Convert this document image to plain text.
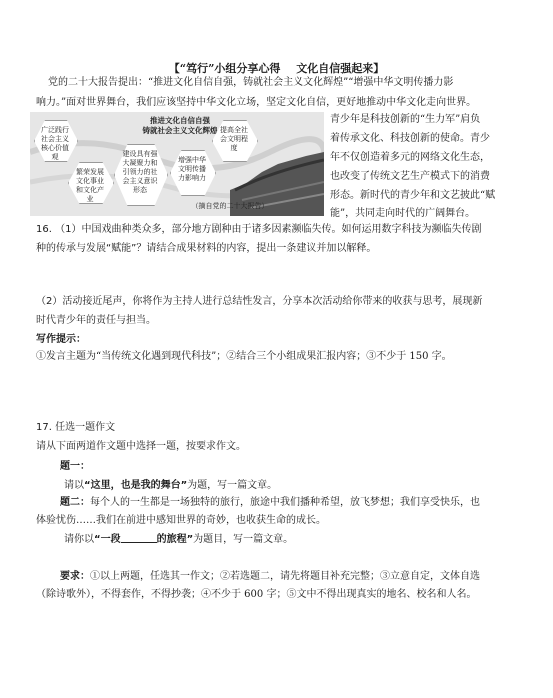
【“笃行”小组分享心得 文化自信强起来】
党的二十大报告提出：“推进文化自信自强，铸就社会主义文化辉煌”“增强中华文明传播力影
响力。”面对世界舞台，我们应该坚持中华文化立场，坚定文化自信，更好地推动中华文化走向世界。
推进文化自信自强
铸就社会主义文化辉煌
广泛践行社会主义核心价值观
繁荣发展文化事业和文化产业
建设具有强大凝聚力和引领力的社会主义意识形态
提高全社会文明程度
增强中华文明传播力影响力
（摘自党的二十大报告）
青少年是科技创新的“生力军”肩负
着传承文化、科技创新的使命。青少
年不仅创造着多元的网络文化生态，
也改变了传统文艺生产模式下的消费
形态。新时代的青少年和文艺披此“赋
能”，共同走向时代的广阔舞台。
16. （1）中国戏曲种类众多，部分地方剧种由于诸多因素濒临失传。如何运用数字科技为濒临失传剧
种的传承与发展“赋能”？请结合成果材料的内容，提出一条建议并加以解释。
（2）活动接近尾声，你将作为主持人进行总结性发言，分享本次活动给你带来的收获与思考，展现新
时代青少年的责任与担当。
写作提示：
①发言主题为“当传统文化遇到现代科技”；②结合三个小组成果汇报内容；③不少于 150 字。
17. 任选一题作文
请从下面两道作文题中选择一题，按要求作文。
题一：
请以“这里，也是我的舞台”为题，写一篇文章。
题二：每个人的一生都是一场独特的旅行，旅途中我们播种希望，放飞梦想；我们享受快乐，也
体验忧伤……我们在前进中感知世界的奇妙，也收获生命的成长。
请你以“一段	的旅程”为题目，写一篇文章。
要求：①以上两题，任选其一作文；②若选题二，请先将题目补充完整；③立意自定，文体自选
（除诗歌外），不得套作，不得抄袭；④不少于 600 字；⑤文中不得出现真实的地名、校名和人名。
